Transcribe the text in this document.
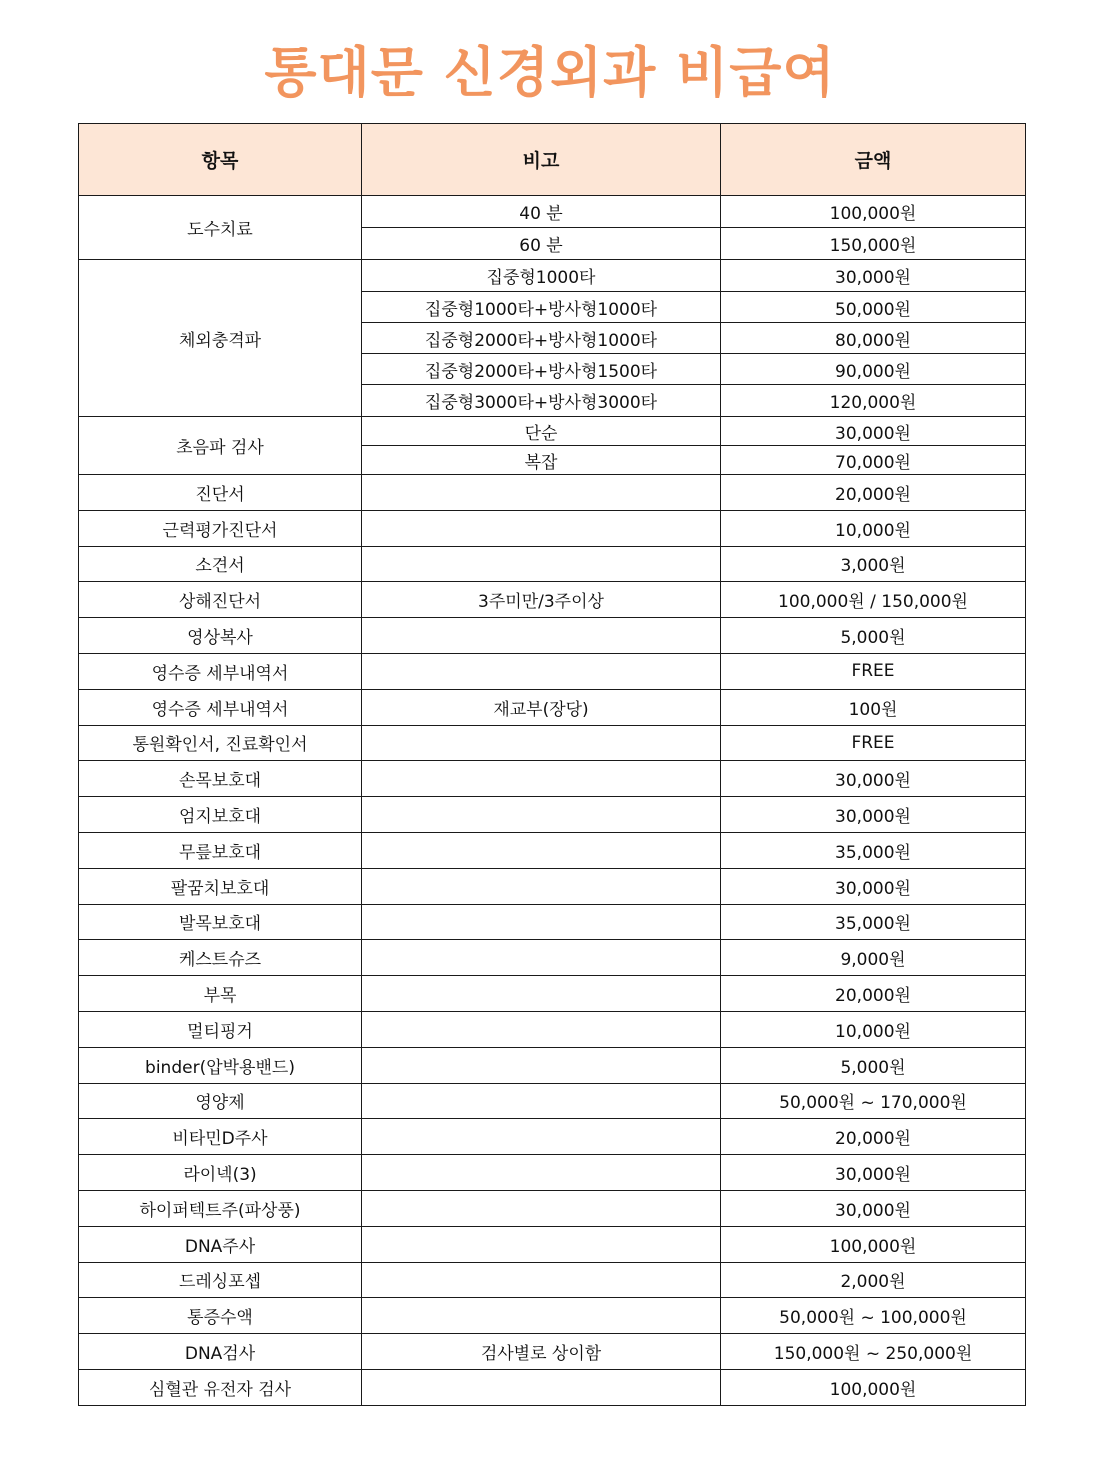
통대문 신경외과 비급여
항목	비고	금액
도수치료	40 분	100,000원
	60 분	150,000원
체외충격파	집중형1000타	30,000원
	집중형1000타+방사형1000타	50,000원
	집중형2000타+방사형1000타	80,000원
	집중형2000타+방사형1500타	90,000원
	집중형3000타+방사형3000타	120,000원
초음파 검사	단순	30,000원
	복잡	70,000원
진단서		20,000원
근력평가진단서		10,000원
소견서		3,000원
상해진단서	3주미만/3주이상	100,000원 / 150,000원
영상복사		5,000원
영수증 세부내역서		FREE
영수증 세부내역서	재교부(장당)	100원
통원확인서, 진료확인서		FREE
손목보호대		30,000원
엄지보호대		30,000원
무릎보호대		35,000원
팔꿈치보호대		30,000원
발목보호대		35,000원
케스트슈즈		9,000원
부목		20,000원
멀티핑거		10,000원
binder(압박용밴드)		5,000원
영양제		50,000원 ~ 170,000원
비타민D주사		20,000원
라이넥(3)		30,000원
하이퍼텍트주(파상풍)		30,000원
DNA주사		100,000원
드레싱포셉		2,000원
통증수액		50,000원 ~ 100,000원
DNA검사	검사별로 상이함	150,000원 ~ 250,000원
심혈관 유전자 검사		100,000원
